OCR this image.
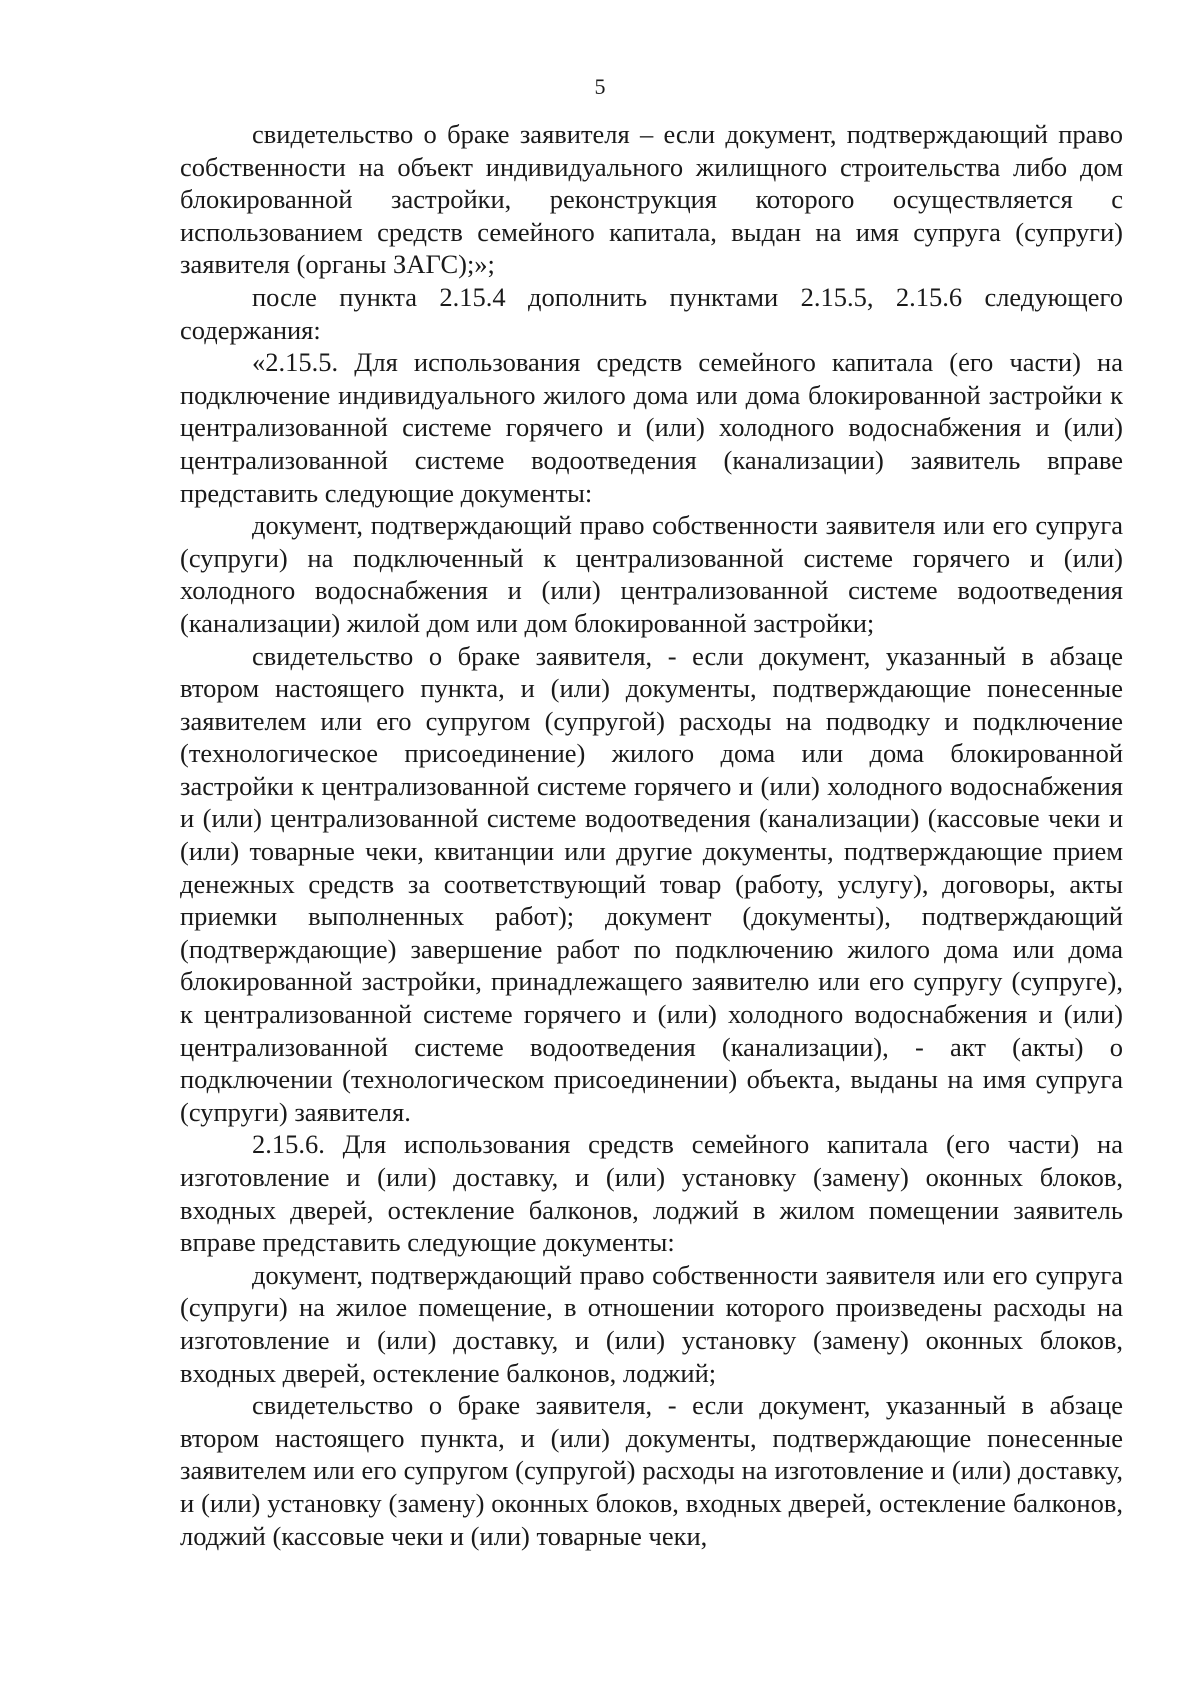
5

свидетельство о браке заявителя – если документ, подтверждающий право собственности на объект индивидуального жилищного строительства либо дом блокированной застройки, реконструкция которого осуществляется с использованием средств семейного капитала, выдан на имя супруга (супруги) заявителя (органы ЗАГС);»;

после пункта 2.15.4 дополнить пунктами 2.15.5, 2.15.6 следующего содержания:

«2.15.5. Для использования средств семейного капитала (его части) на подключение индивидуального жилого дома или дома блокированной застройки к централизованной системе горячего и (или) холодного водоснабжения и (или) централизованной системе водоотведения (канализации) заявитель вправе представить следующие документы:

документ, подтверждающий право собственности заявителя или его супруга (супруги) на подключенный к централизованной системе горячего и (или) холодного водоснабжения и (или) централизованной системе водоотведения (канализации) жилой дом или дом блокированной застройки;

свидетельство о браке заявителя, - если документ, указанный в абзаце втором настоящего пункта, и (или) документы, подтверждающие понесенные заявителем или его супругом (супругой) расходы на подводку и подключение (технологическое присоединение) жилого дома или дома блокированной застройки к централизованной системе горячего и (или) холодного водоснабжения и (или) централизованной системе водоотведения (канализации) (кассовые чеки и (или) товарные чеки, квитанции или другие документы, подтверждающие прием денежных средств за соответствующий товар (работу, услугу), договоры, акты приемки выполненных работ); документ (документы), подтверждающий (подтверждающие) завершение работ по подключению жилого дома или дома блокированной застройки, принадлежащего заявителю или его супругу (супруге), к централизованной системе горячего и (или) холодного водоснабжения и (или) централизованной системе водоотведения (канализации), - акт (акты) о подключении (технологическом присоединении) объекта, выданы на имя супруга (супруги) заявителя.

2.15.6. Для использования средств семейного капитала (его части) на изготовление и (или) доставку, и (или) установку (замену) оконных блоков, входных дверей, остекление балконов, лоджий в жилом помещении заявитель вправе представить следующие документы:

документ, подтверждающий право собственности заявителя или его супруга (супруги) на жилое помещение, в отношении которого произведены расходы на изготовление и (или) доставку, и (или) установку (замену) оконных блоков, входных дверей, остекление балконов, лоджий;

свидетельство о браке заявителя, - если документ, указанный в абзаце втором настоящего пункта, и (или) документы, подтверждающие понесенные заявителем или его супругом (супругой) расходы на изготовление и (или) доставку, и (или) установку (замену) оконных блоков, входных дверей, остекление балконов, лоджий (кассовые чеки и (или) товарные чеки,
